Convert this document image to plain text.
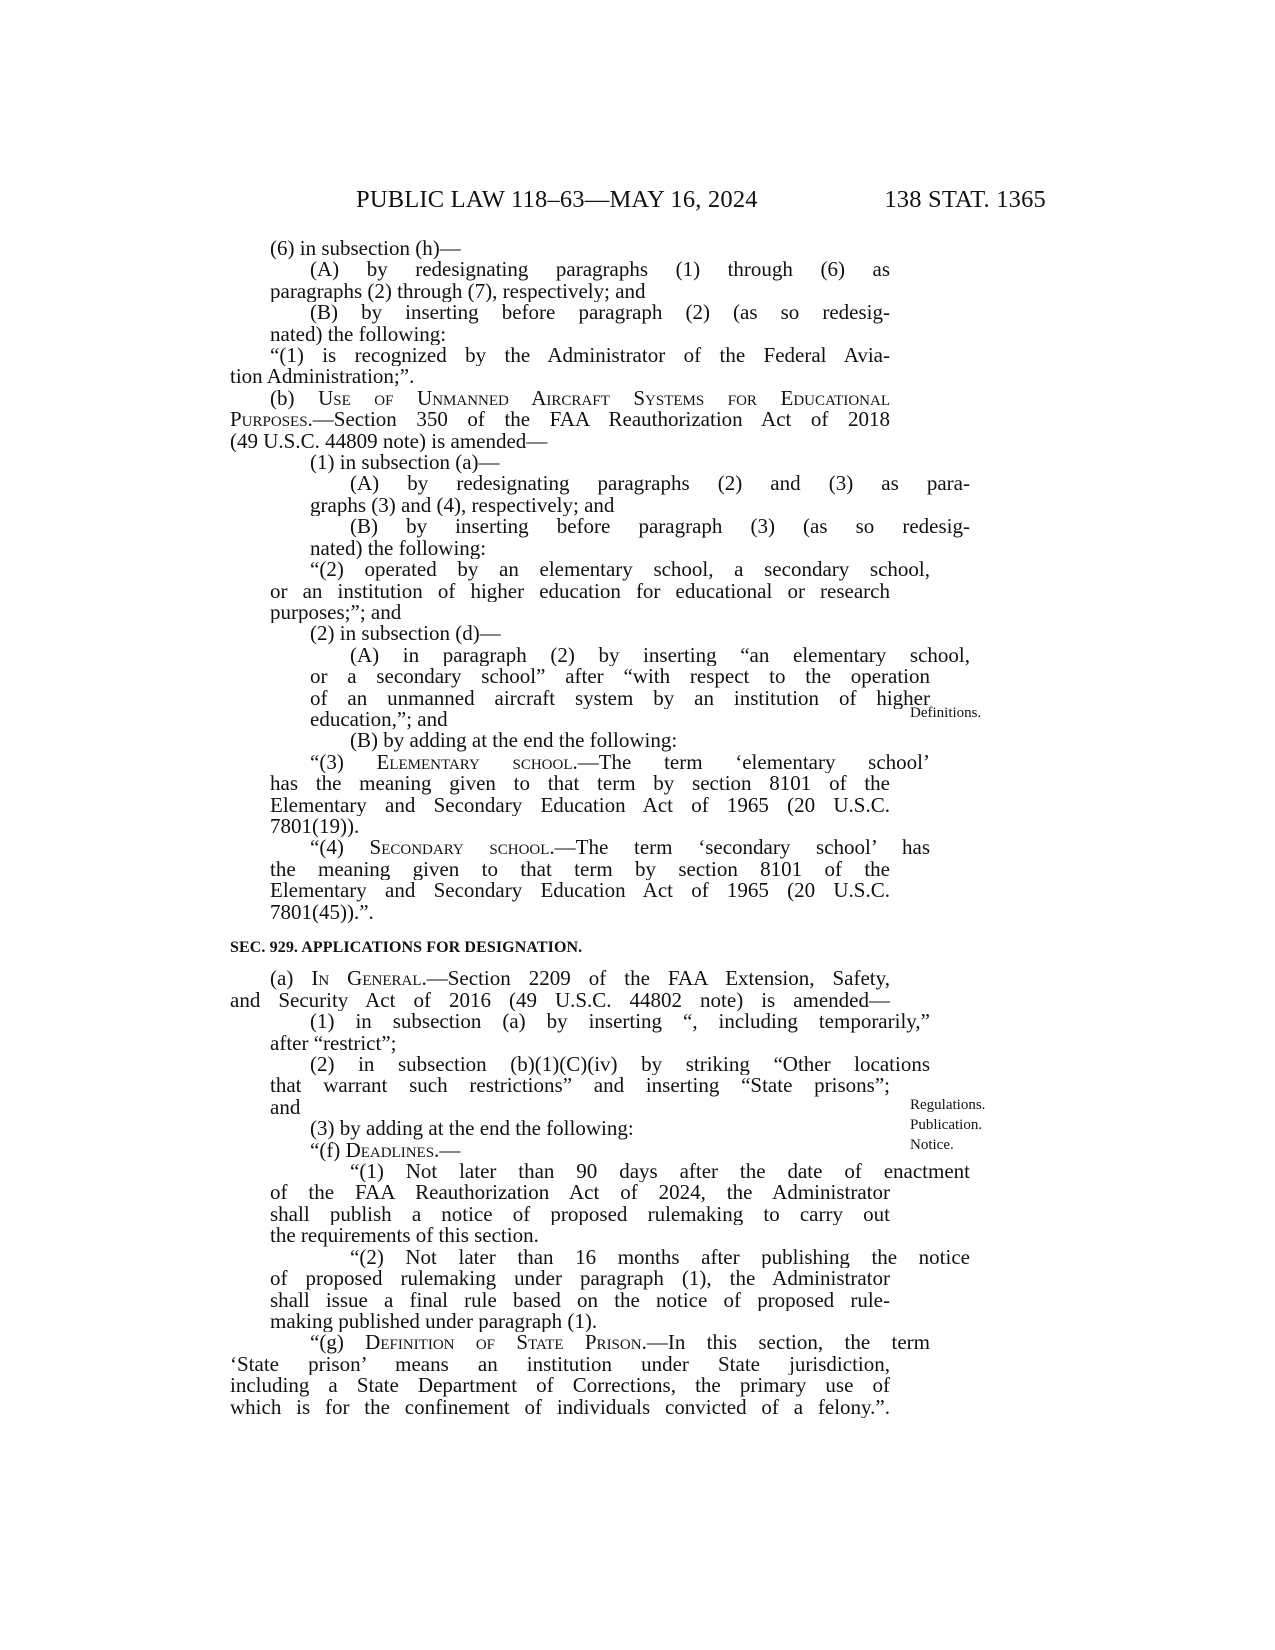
PUBLIC LAW 118–63—MAY 16, 2024	138 STAT. 1365
Definitions.
Regulations.
Publication.
Notice.
(6) in subsection (h)—
(A) by redesignating paragraphs (1) through (6) as
paragraphs (2) through (7), respectively; and
(B) by inserting before paragraph (2) (as so redesig-
nated) the following:
“(1) is recognized by the Administrator of the Federal Avia-
tion Administration;”.
(b) Use of Unmanned Aircraft Systems for Educational
Purposes.—Section 350 of the FAA Reauthorization Act of 2018
(49 U.S.C. 44809 note) is amended—
(1) in subsection (a)—
(A) by redesignating paragraphs (2) and (3) as para-
graphs (3) and (4), respectively; and
(B) by inserting before paragraph (3) (as so redesig-
nated) the following:
“(2) operated by an elementary school, a secondary school,
or an institution of higher education for educational or research
purposes;”; and
(2) in subsection (d)—
(A) in paragraph (2) by inserting “an elementary school,
or a secondary school” after “with respect to the operation
of an unmanned aircraft system by an institution of higher
education,”; and
(B) by adding at the end the following:
“(3) Elementary school.—The term ‘elementary school’
has the meaning given to that term by section 8101 of the
Elementary and Secondary Education Act of 1965 (20 U.S.C.
7801(19)).
“(4) Secondary school.—The term ‘secondary school’ has
the meaning given to that term by section 8101 of the
Elementary and Secondary Education Act of 1965 (20 U.S.C.
7801(45)).”.
SEC. 929. APPLICATIONS FOR DESIGNATION.
(a) In General.—Section 2209 of the FAA Extension, Safety,
and Security Act of 2016 (49 U.S.C. 44802 note) is amended—
(1) in subsection (a) by inserting “, including temporarily,”
after “restrict”;
(2) in subsection (b)(1)(C)(iv) by striking “Other locations
that warrant such restrictions” and inserting “State prisons”;
and
(3) by adding at the end the following:
“(f) Deadlines.—
“(1) Not later than 90 days after the date of enactment
of the FAA Reauthorization Act of 2024, the Administrator
shall publish a notice of proposed rulemaking to carry out
the requirements of this section.
“(2) Not later than 16 months after publishing the notice
of proposed rulemaking under paragraph (1), the Administrator
shall issue a final rule based on the notice of proposed rule-
making published under paragraph (1).
“(g) Definition of State Prison.—In this section, the term
‘State prison’ means an institution under State jurisdiction,
including a State Department of Corrections, the primary use of
which is for the confinement of individuals convicted of a felony.”.
